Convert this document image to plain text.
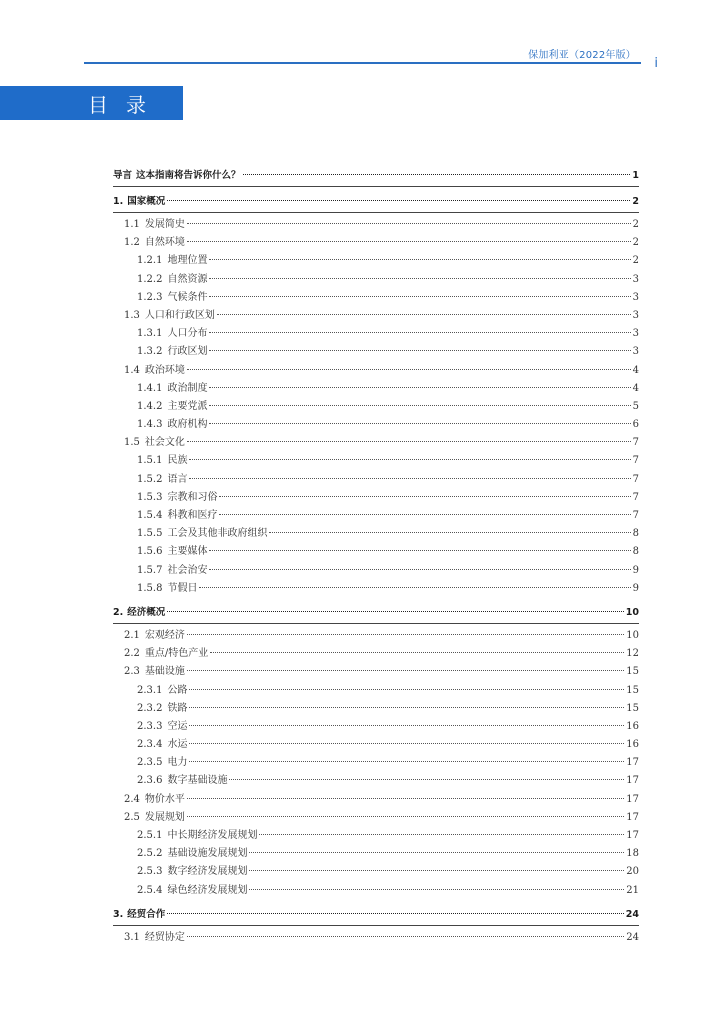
保加利亚（2022年版）
i
目录
导言 这本指南将告诉你什么？	1
1. 国家概况	2
1.1 发展简史	2
1.2 自然环境	2
1.2.1 地理位置	2
1.2.2 自然资源	3
1.2.3 气候条件	3
1.3 人口和行政区划	3
1.3.1 人口分布	3
1.3.2 行政区划	3
1.4 政治环境	4
1.4.1 政治制度	4
1.4.2 主要党派	5
1.4.3 政府机构	6
1.5 社会文化	7
1.5.1 民族	7
1.5.2 语言	7
1.5.3 宗教和习俗	7
1.5.4 科教和医疗	7
1.5.5 工会及其他非政府组织	8
1.5.6 主要媒体	8
1.5.7 社会治安	9
1.5.8 节假日	9
2. 经济概况	10
2.1 宏观经济	10
2.2 重点/特色产业	12
2.3 基础设施	15
2.3.1 公路	15
2.3.2 铁路	15
2.3.3 空运	16
2.3.4 水运	16
2.3.5 电力	17
2.3.6 数字基础设施	17
2.4 物价水平	17
2.5 发展规划	17
2.5.1 中长期经济发展规划	17
2.5.2 基础设施发展规划	18
2.5.3 数字经济发展规划	20
2.5.4 绿色经济发展规划	21
3. 经贸合作	24
3.1 经贸协定	24
